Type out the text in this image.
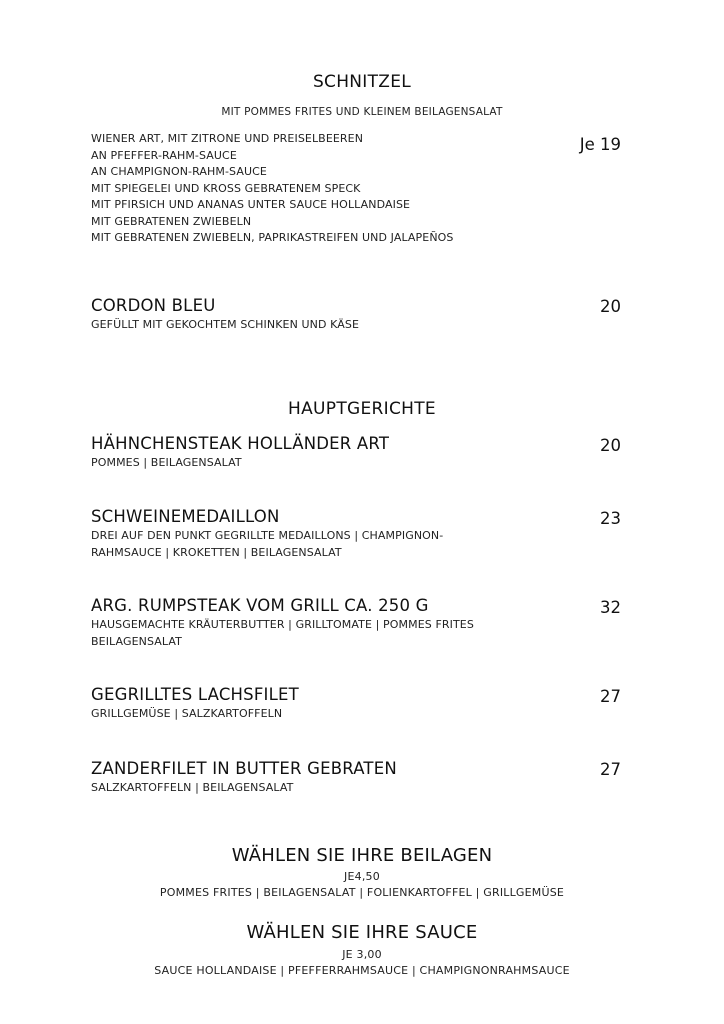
SCHNITZEL
MIT POMMES FRITES UND KLEINEM BEILAGENSALAT
WIENER ART, MIT ZITRONE UND PREISELBEEREN
AN PFEFFER-RAHM-SAUCE
AN CHAMPIGNON-RAHM-SAUCE
MIT SPIEGELEI UND KROSS GEBRATENEM SPECK
MIT PFIRSICH UND ANANAS UNTER SAUCE HOLLANDAISE
MIT GEBRATENEN ZWIEBELN
MIT GEBRATENEN ZWIEBELN, PAPRIKASTREIFEN UND JALAPEÑOS
Je 19
CORDON BLEU	20
GEFÜLLT MIT GEKOCHTEM SCHINKEN UND KÄSE
HAUPTGERICHTE
HÄHNCHENSTEAK HOLLÄNDER ART	20
POMMES | BEILAGENSALAT
SCHWEINEMEDAILLON	23
DREI AUF DEN PUNKT GEGRILLTE MEDAILLONS | CHAMPIGNON-
RAHMSAUCE | KROKETTEN | BEILAGENSALAT
ARG. RUMPSTEAK VOM GRILL CA. 250 G	32
HAUSGEMACHTE KRÄUTERBUTTER | GRILLTOMATE | POMMES FRITES
BEILAGENSALAT
GEGRILLTES LACHSFILET	27
GRILLGEMÜSE | SALZKARTOFFELN
ZANDERFILET IN BUTTER GEBRATEN	27
SALZKARTOFFELN | BEILAGENSALAT
WÄHLEN SIE IHRE BEILAGEN
JE4,50
POMMES FRITES | BEILAGENSALAT | FOLIENKARTOFFEL | GRILLGEMÜSE
WÄHLEN SIE IHRE SAUCE
JE 3,00
SAUCE HOLLANDAISE | PFEFFERRAHMSAUCE | CHAMPIGNONRAHMSAUCE
